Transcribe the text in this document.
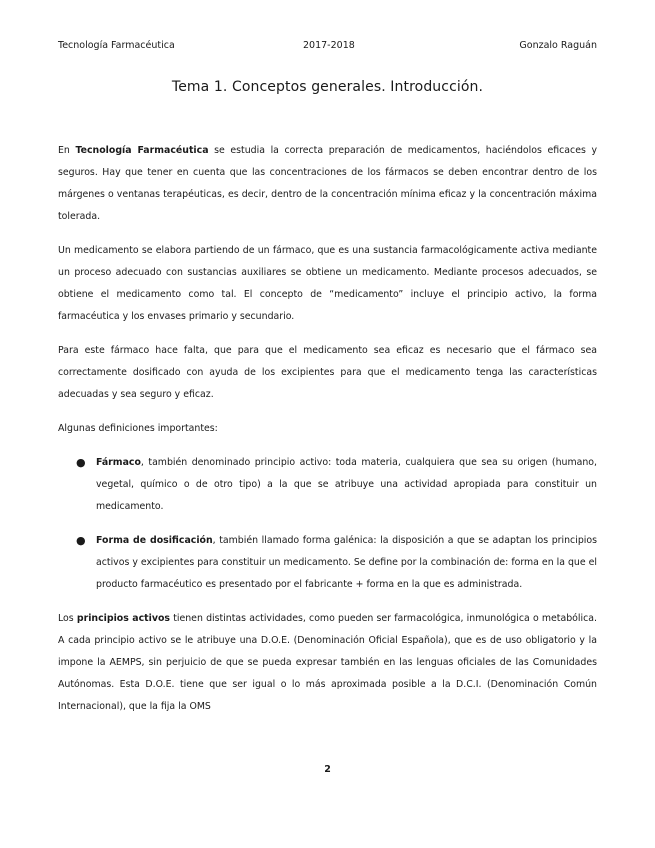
Tecnología Farmacéutica	2017-2018	Gonzalo Raguán
Tema 1. Conceptos generales. Introducción.

En Tecnología Farmacéutica se estudia la correcta preparación de medicamentos, haciéndolos eficaces y seguros. Hay que tener en cuenta que las concentraciones de los fármacos se deben encontrar dentro de los márgenes o ventanas terapéuticas, es decir, dentro de la concentración mínima eficaz y la concentración máxima tolerada.

Un medicamento se elabora partiendo de un fármaco, que es una sustancia farmacológicamente activa mediante un proceso adecuado con sustancias auxiliares se obtiene un medicamento. Mediante procesos adecuados, se obtiene el medicamento como tal. El concepto de “medicamento” incluye el principio activo, la forma farmacéutica y los envases primario y secundario.

Para este fármaco hace falta, que para que el medicamento sea eficaz es necesario que el fármaco sea correctamente dosificado con ayuda de los excipientes para que el medicamento tenga las características adecuadas y sea seguro y eficaz.

Algunas definiciones importantes:

● Fármaco, también denominado principio activo: toda materia, cualquiera que sea su origen (humano, vegetal, químico o de otro tipo) a la que se atribuye una actividad apropiada para constituir un medicamento.
● Forma de dosificación, también llamado forma galénica: la disposición a que se adaptan los principios activos y excipientes para constituir un medicamento. Se define por la combinación de: forma en la que el producto farmacéutico es presentado por el fabricante + forma en la que es administrada.

Los principios activos tienen distintas actividades, como pueden ser farmacológica, inmunológica o metabólica. A cada principio activo se le atribuye una D.O.E. (Denominación Oficial Española), que es de uso obligatorio y la impone la AEMPS, sin perjuicio de que se pueda expresar también en las lenguas oficiales de las Comunidades Autónomas. Esta D.O.E. tiene que ser igual o lo más aproximada posible a la D.C.I. (Denominación Común Internacional), que la fija la OMS

2
